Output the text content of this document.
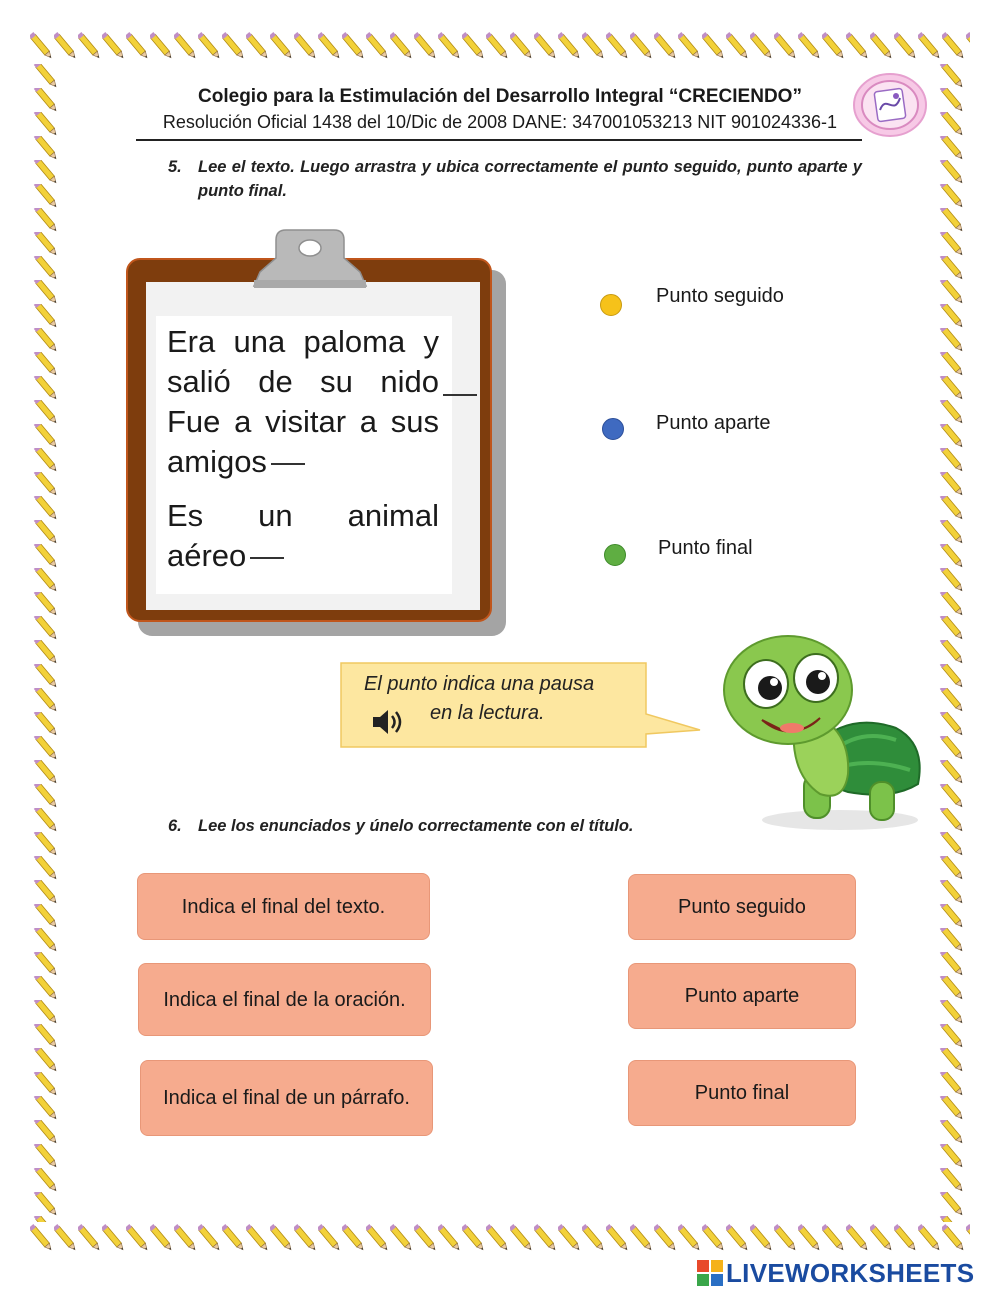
Colegio para la Estimulación del Desarrollo Integral “CRECIENDO”
Resolución Oficial 1438 del 10/Dic de 2008 DANE: 347001053213 NIT 901024336-1
5. Lee el texto. Luego arrastra y ubica correctamente el punto seguido, punto aparte y punto final.
Era una paloma y
salió de su nido
Fue a visitar a sus
amigos
Es un animal
aéreo
Punto seguido
Punto aparte
Punto final
El punto indica una pausa
en la lectura.
6. Lee los enunciados y únelo correctamente con el título.
Indica el final del texto.
Indica el final de la oración.
Indica el final de un párrafo.
Punto seguido
Punto aparte
Punto final
LIVEWORKSHEETS
